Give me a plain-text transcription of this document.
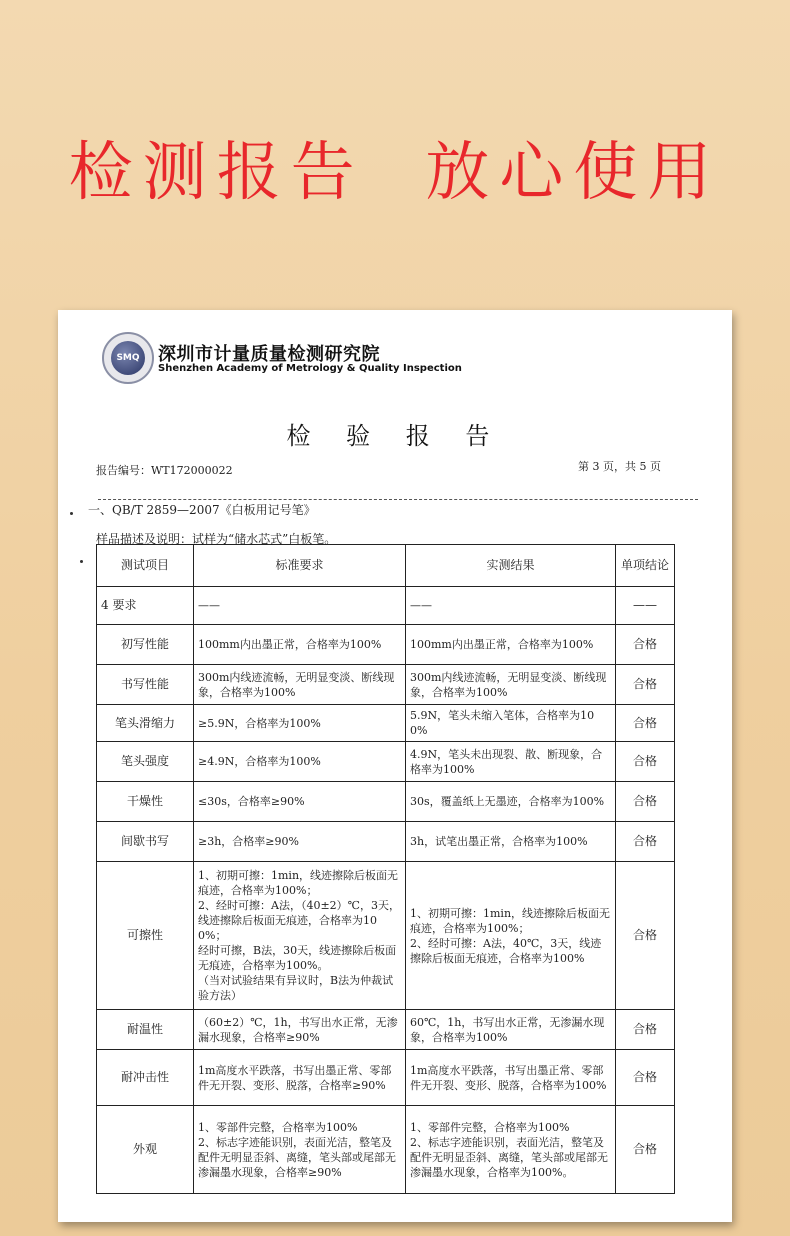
检测报告 放心使用
SMQ	深圳市计量质量检测研究院
Shenzhen Academy of Metrology & Quality Inspection
检 验 报 告
报告编号：WT172000022	第 3 页，共 5 页
一、QB/T 2859—2007《白板用记号笔》
样品描述及说明：试样为“储水芯式”白板笔。
测试项目	标准要求	实测结果	单项结论
4 要求	——	——	——
初写性能	100mm内出墨正常，合格率为100%	100mm内出墨正常，合格率为100%	合格
书写性能	300m内线迹流畅，无明显变淡、断线现象，合格率为100%	300m内线迹流畅，无明显变淡、断线现象，合格率为100%	合格
笔头滑缩力	≥5.9N，合格率为100%	5.9N，笔头未缩入笔体，合格率为100%	合格
笔头强度	≥4.9N，合格率为100%	4.9N，笔头未出现裂、散、断现象，合格率为100%	合格
干燥性	≤30s，合格率≥90%	30s，覆盖纸上无墨迹，合格率为100%	合格
间歇书写	≥3h，合格率≥90%	3h，试笔出墨正常，合格率为100%	合格
可擦性	1、初期可擦：1min，线迹擦除后板面无痕迹，合格率为100%；
2、经时可擦：A法，（40±2）℃，3天，线迹擦除后板面无痕迹，合格率为100%；
经时可擦，B法，30天，线迹擦除后板面无痕迹，合格率为100%。
（当对试验结果有异议时，B法为仲裁试验方法）	1、初期可擦：1min，线迹擦除后板面无痕迹，合格率为100%；
2、经时可擦：A法，40℃，3天，线迹擦除后板面无痕迹，合格率为100%	合格
耐温性	（60±2）℃，1h，书写出水正常，无渗漏水现象，合格率≥90%	60℃，1h，书写出水正常，无渗漏水现象，合格率为100%	合格
耐冲击性	1m高度水平跌落，书写出墨正常、零部件无开裂、变形、脱落，合格率≥90%	1m高度水平跌落，书写出墨正常、零部件无开裂、变形、脱落，合格率为100%	合格
外观	1、零部件完整，合格率为100%
2、标志字迹能识别，表面光洁，整笔及配件无明显歪斜、离缝，笔头部或尾部无渗漏墨水现象，合格率≥90%	1、零部件完整，合格率为100%
2、标志字迹能识别，表面光洁，整笔及配件无明显歪斜、离缝，笔头部或尾部无渗漏墨水现象，合格率为100%。	合格
